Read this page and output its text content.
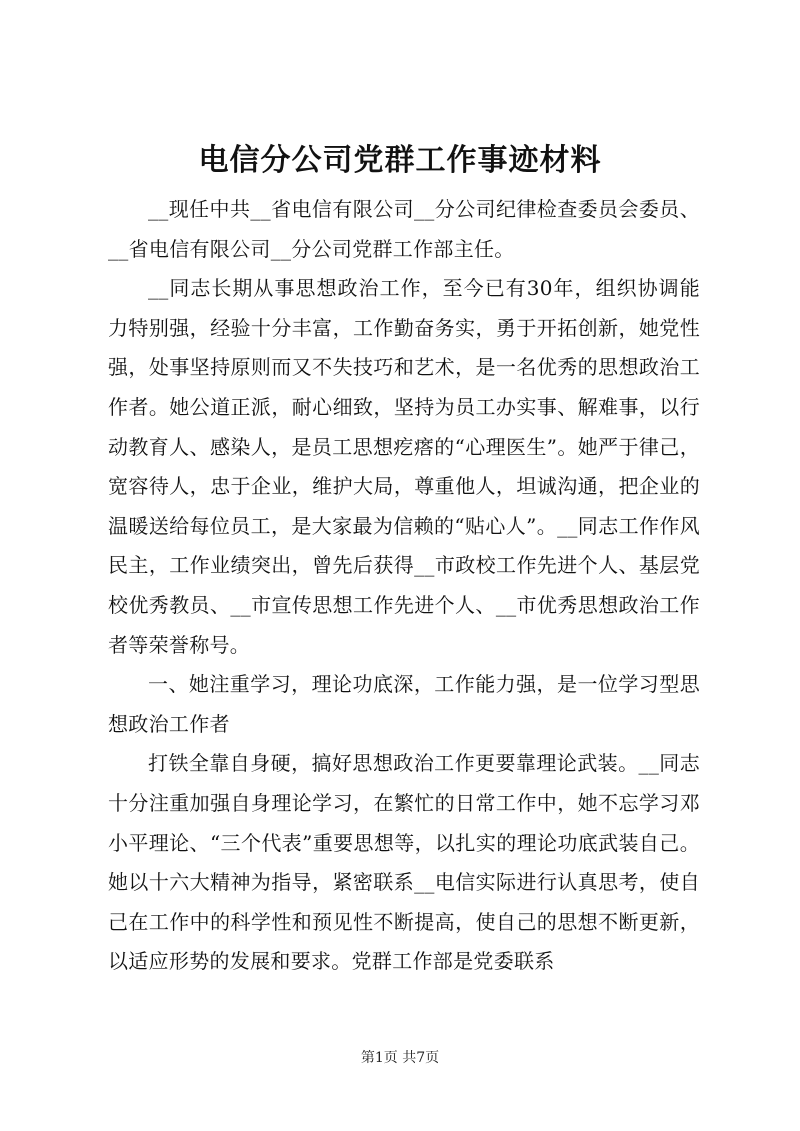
电信分公司党群工作事迹材料

__现任中共__省电信有限公司__分公司纪律检查委员会委员、__省电信有限公司__分公司党群工作部主任。

__同志长期从事思想政治工作，至今已有30年，组织协调能力特别强，经验十分丰富，工作勤奋务实，勇于开拓创新，她党性强，处事坚持原则而又不失技巧和艺术，是一名优秀的思想政治工作者。她公道正派，耐心细致，坚持为员工办实事、解难事，以行动教育人、感染人，是员工思想疙瘩的“心理医生”。她严于律己，宽容待人，忠于企业，维护大局，尊重他人，坦诚沟通，把企业的温暖送给每位员工，是大家最为信赖的“贴心人”。__同志工作作风民主，工作业绩突出，曾先后获得__市政校工作先进个人、基层党校优秀教员、__市宣传思想工作先进个人、__市优秀思想政治工作者等荣誉称号。

一、她注重学习，理论功底深，工作能力强，是一位学习型思想政治工作者

打铁全靠自身硬，搞好思想政治工作更要靠理论武装。__同志十分注重加强自身理论学习，在繁忙的日常工作中，她不忘学习邓小平理论、“三个代表”重要思想等，以扎实的理论功底武装自己。她以十六大精神为指导，紧密联系__电信实际进行认真思考，使自己在工作中的科学性和预见性不断提高，使自己的思想不断更新，以适应形势的发展和要求。党群工作部是党委联系

第1页 共7页
